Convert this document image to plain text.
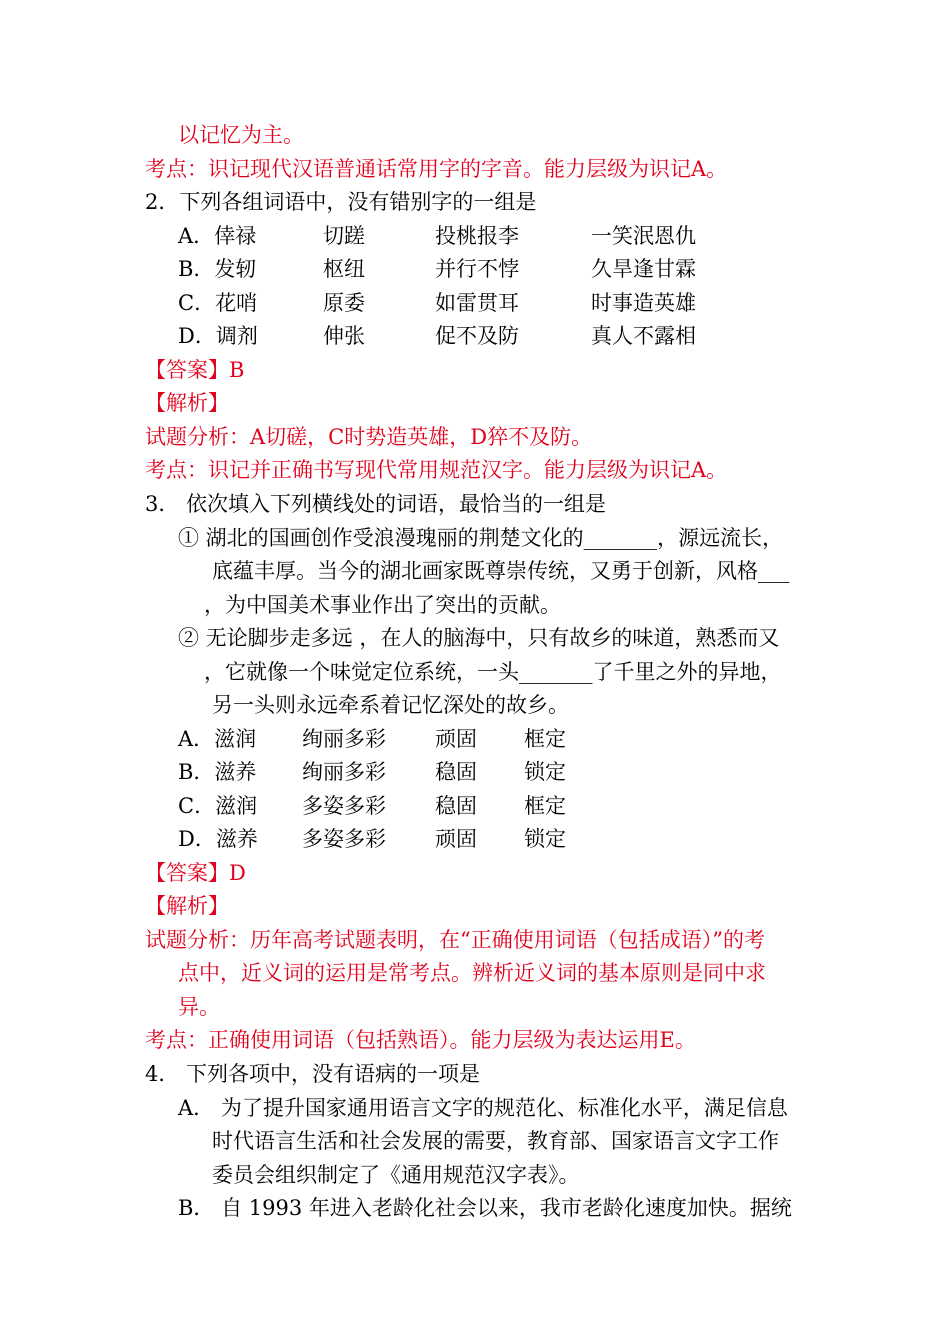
以记忆为主。
考点：识记现代汉语普通话常用字的字音。能力层级为识记A。
2．下列各组词语中，没有错别字的一组是
A．倖禄	切蹉	投桃报李	一笑泯恩仇
B．发轫	枢纽	并行不悖	久旱逢甘霖
C．花哨	原委	如雷贯耳	时事造英雄
D．调剂	伸张	促不及防	真人不露相
【答案】B
【解析】
试题分析：A切磋，C时势造英雄，D猝不及防。
考点：识记并正确书写现代常用规范汉字。能力层级为识记A。
3． 依次填入下列横线处的词语，最恰当的一组是
① 湖北的国画创作受浪漫瑰丽的荆楚文化的_______，源远流长，
底蕴丰厚。当今的湖北画家既尊崇传统，又勇于创新，风格___
，为中国美术事业作出了突出的贡献。
② 无论脚步走多远 ，在人的脑海中，只有故乡的味道，熟悉而又
，它就像一个味觉定位系统，一头_______了千里之外的异地，
另一头则永远牵系着记忆深处的故乡。
A．滋润 绚丽多彩 顽固 框定
B．滋养 绚丽多彩 稳固 锁定
C．滋润 多姿多彩 稳固 框定
D．滋养 多姿多彩 顽固 锁定
【答案】D
【解析】
试题分析：历年高考试题表明，在“正确使用词语（包括成语）”的考
点中，近义词的运用是常考点。辨析近义词的基本原则是同中求
异。
考点：正确使用词语（包括熟语）。能力层级为表达运用E。
4． 下列各项中，没有语病的一项是
A． 为了提升国家通用语言文字的规范化、标准化水平，满足信息
时代语言生活和社会发展的需要，教育部、国家语言文字工作
委员会组织制定了《通用规范汉字表》。
B． 自 1993 年进入老龄化社会以来，我市老龄化速度加快。据统
